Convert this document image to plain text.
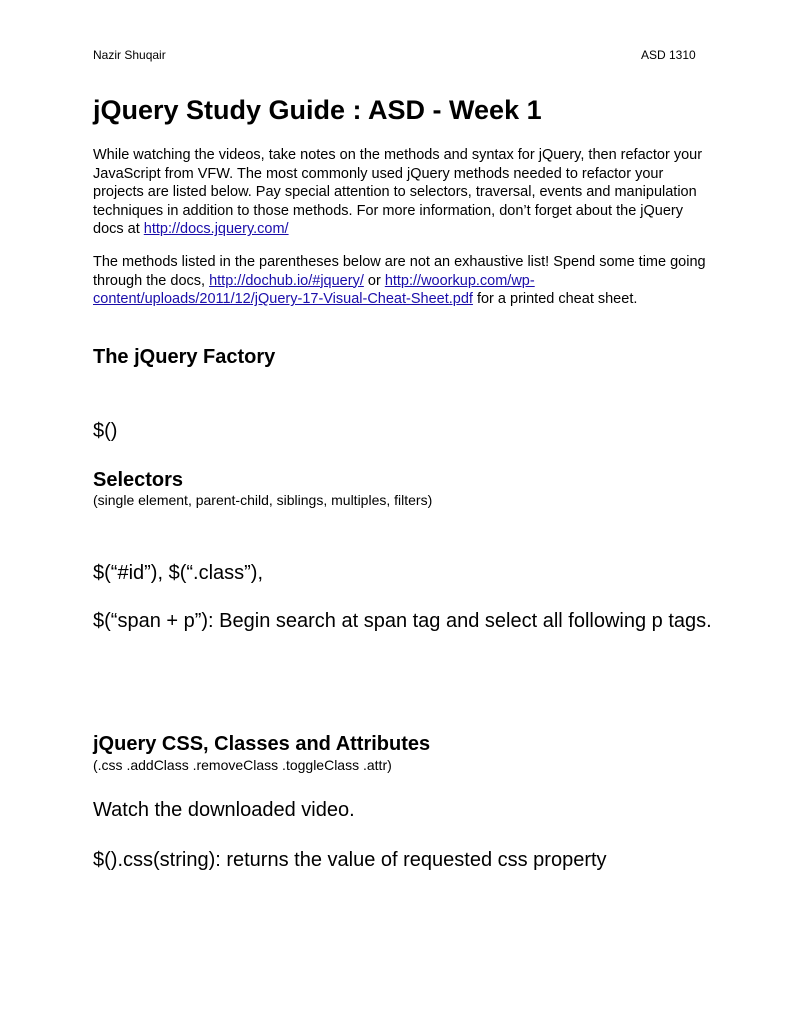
Nazir Shuqair	ASD 1310
jQuery Study Guide : ASD - Week 1

While watching the videos, take notes on the methods and syntax for jQuery, then refactor your JavaScript from VFW. The most commonly used jQuery methods needed to refactor your projects are listed below. Pay special attention to selectors, traversal, events and manipulation techniques in addition to those methods. For more information, don’t forget about the jQuery docs at http://docs.jquery.com/

The methods listed in the parentheses below are not an exhaustive list! Spend some time going through the docs, http://dochub.io/#jquery/ or http://woorkup.com/wp-content/uploads/2011/12/jQuery-17-Visual-Cheat-Sheet.pdf for a printed cheat sheet.

The jQuery Factory
$()
Selectors
(single element, parent-child, siblings, multiples, filters)
$(“#id”), $(“.class”),
$(“span + p”): Begin search at span tag and select all following p tags.
jQuery CSS, Classes and Attributes
(.css .addClass .removeClass .toggleClass .attr)
Watch the downloaded video.
$().css(string): returns the value of requested css property
